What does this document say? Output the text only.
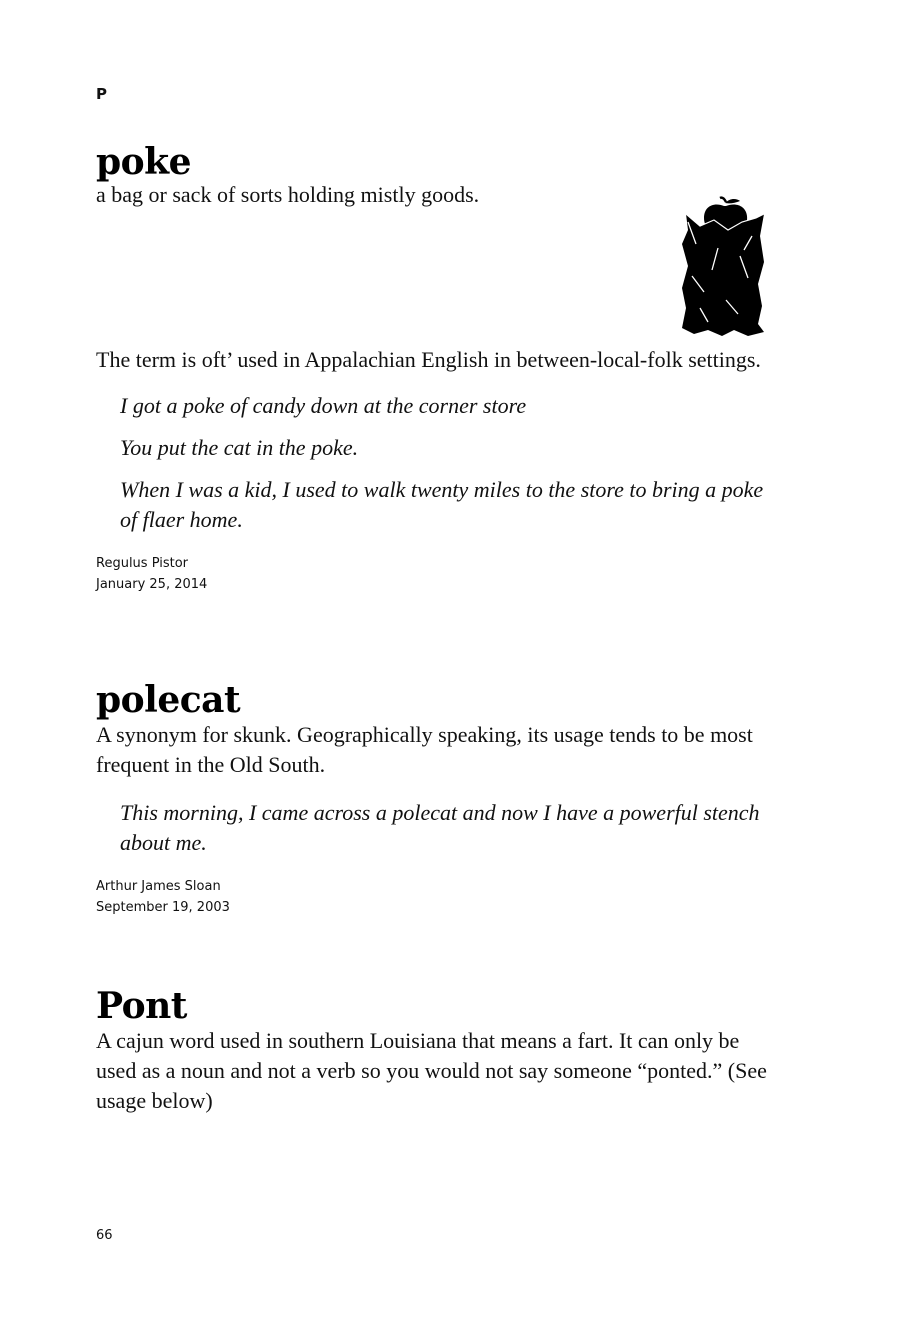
P

poke

a bag or sack of sorts holding mistly goods.

The term is oft’ used in Appalachian English in between-local-folk settings.

I got a poke of candy down at the corner store

You put the cat in the poke.

When I was a kid, I used to walk twenty miles to the store to bring a poke of flaer home.

Regulus Pistor
January 25, 2014
polecat

A synonym for skunk. Geographically speaking, its usage tends to be most frequent in the Old South.

This morning, I came across a polecat and now I have a powerful stench about me.

Arthur James Sloan
September 19, 2003
Pont

A cajun word used in southern Louisiana that means a fart. It can only be used as a noun and not a verb so you would not say someone “ponted.” (See usage below)

66
